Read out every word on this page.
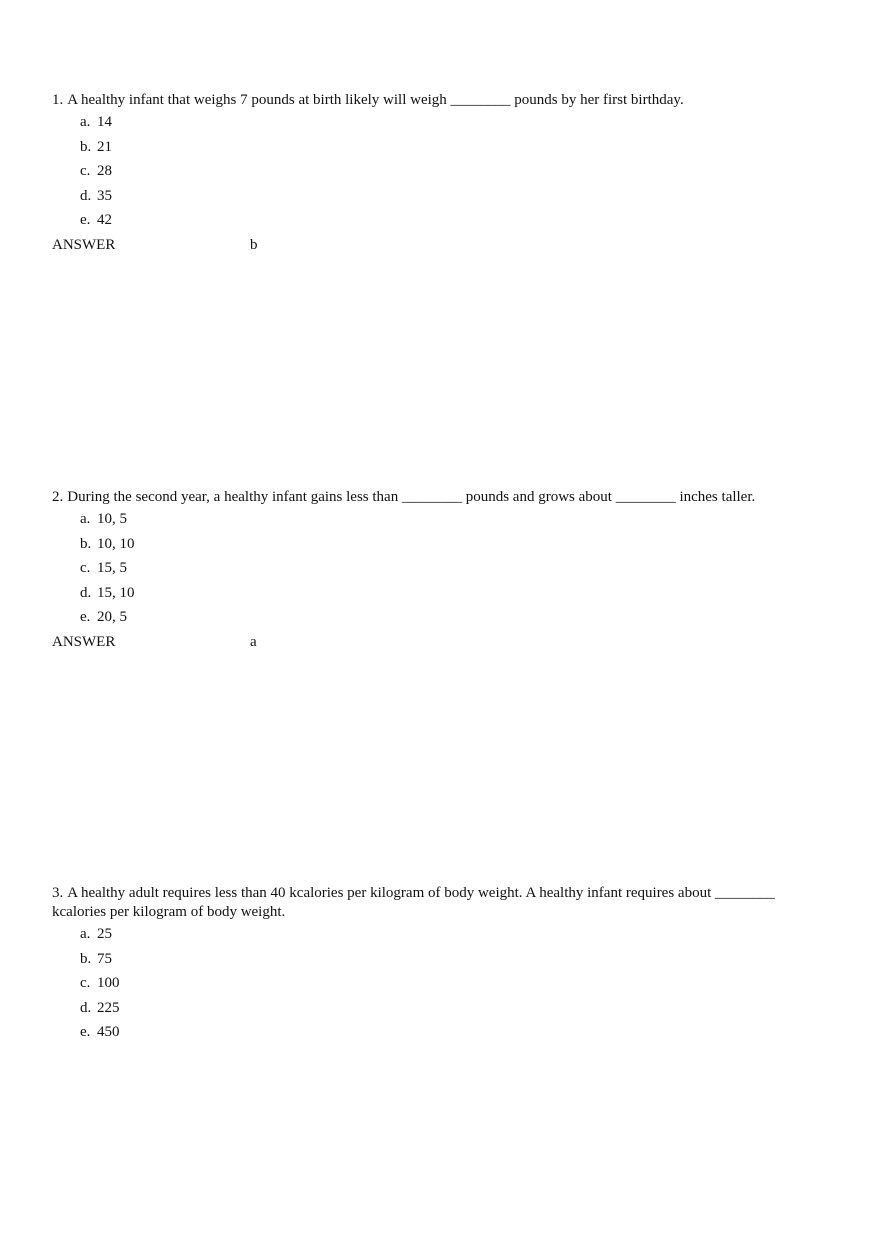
1. A healthy infant that weighs 7 pounds at birth likely will weigh ________ pounds by her first birthday.

a. 14
b. 21
c. 28
d. 35
e. 42
ANSWER	b

2. During the second year, a healthy infant gains less than ________ pounds and grows about ________ inches taller.

a. 10, 5
b. 10, 10
c. 15, 5
d. 15, 10
e. 20, 5
ANSWER	a

3. A healthy adult requires less than 40 kcalories per kilogram of body weight. A healthy infant requires about ________ kcalories per kilogram of body weight.

a. 25
b. 75
c. 100
d. 225
e. 450
